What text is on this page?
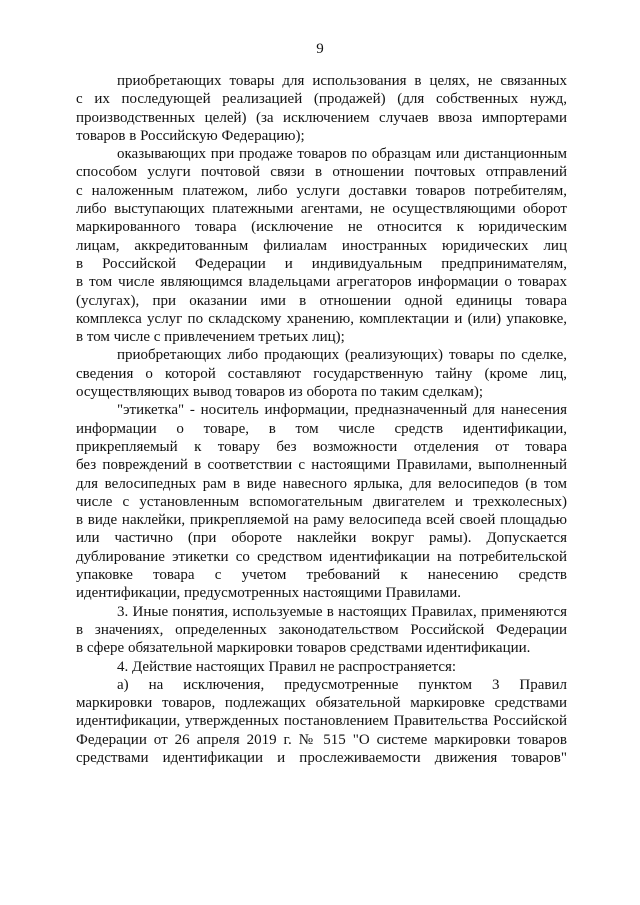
9
приобретающих товары для использования в целях, не связанных
с их последующей реализацией (продажей) (для собственных нужд,
производственных целей) (за исключением случаев ввоза импортерами
товаров в Российскую Федерацию);
оказывающих при продаже товаров по образцам или дистанционным
способом услуги почтовой связи в отношении почтовых отправлений
с наложенным платежом, либо услуги доставки товаров потребителям,
либо выступающих платежными агентами, не осуществляющими оборот
маркированного товара (исключение не относится к юридическим
лицам, аккредитованным филиалам иностранных юридических лиц
в Российской Федерации и индивидуальным предпринимателям,
в том числе являющимся владельцами агрегаторов информации о товарах
(услугах), при оказании ими в отношении одной единицы товара
комплекса услуг по складскому хранению, комплектации и (или) упаковке,
в том числе с привлечением третьих лиц);
приобретающих либо продающих (реализующих) товары по сделке,
сведения о которой составляют государственную тайну (кроме лиц,
осуществляющих вывод товаров из оборота по таким сделкам);
"этикетка" - носитель информации, предназначенный для нанесения
информации о товаре, в том числе средств идентификации,
прикрепляемый к товару без возможности отделения от товара
без повреждений в соответствии с настоящими Правилами, выполненный
для велосипедных рам в виде навесного ярлыка, для велосипедов (в том
числе с установленным вспомогательным двигателем и трехколесных)
в виде наклейки, прикрепляемой на раму велосипеда всей своей площадью
или частично (при обороте наклейки вокруг рамы). Допускается
дублирование этикетки со средством идентификации на потребительской
упаковке товара с учетом требований к нанесению средств
идентификации, предусмотренных настоящими Правилами.
3. Иные понятия, используемые в настоящих Правилах, применяются
в значениях, определенных законодательством Российской Федерации
в сфере обязательной маркировки товаров средствами идентификации.
4. Действие настоящих Правил не распространяется:
а) на исключения, предусмотренные пунктом 3 Правил
маркировки товаров, подлежащих обязательной маркировке средствами
идентификации, утвержденных постановлением Правительства Российской
Федерации от 26 апреля 2019 г. № 515 "О системе маркировки товаров
средствами идентификации и прослеживаемости движения товаров"
